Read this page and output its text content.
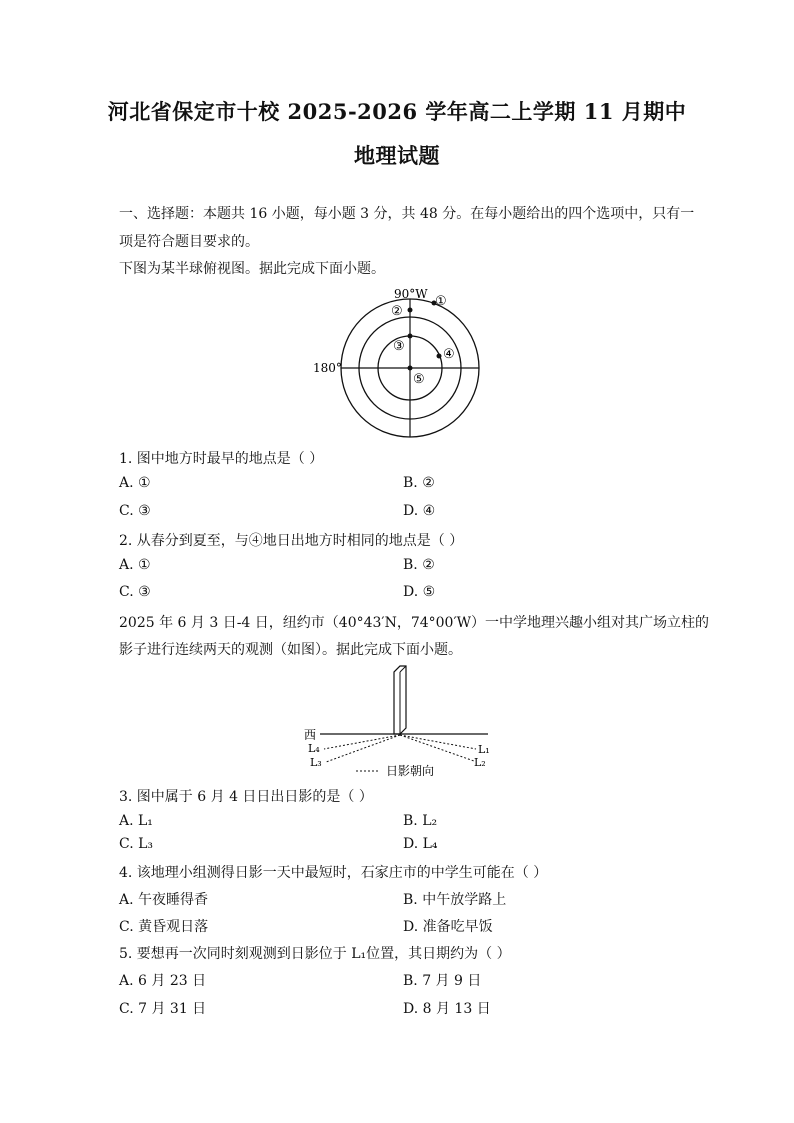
河北省保定市十校 2025-2026 学年高二上学期 11 月期中
地理试题
一、选择题：本题共 16 小题，每小题 3 分，共 48 分。在每小题给出的四个选项中，只有一
项是符合题目要求的。
下图为某半球俯视图。据此完成下面小题。
90°W
180°
①
②
③
④
⑤
1. 图中地方时最早的地点是（ ）
A. ①	B. ②
C. ③	D. ④
2. 从春分到夏至，与④地日出地方时相同的地点是（ ）
A. ①	B. ②
C. ③	D. ⑤
2025 年 6 月 3 日-4 日，纽约市（40°43′N，74°00′W）一中学地理兴趣小组对其广场立柱的
影子进行连续两天的观测（如图）。据此完成下面小题。
西
L₄
L₃
L₁
L₂
日影朝向
3. 图中属于 6 月 4 日日出日影的是（ ）
A. L₁	B. L₂
C. L₃	D. L₄
4. 该地理小组测得日影一天中最短时，石家庄市的中学生可能在（ ）
A. 午夜睡得香	B. 中午放学路上
C. 黄昏观日落	D. 准备吃早饭
5. 要想再一次同时刻观测到日影位于 L₁位置，其日期约为（ ）
A. 6 月 23 日	B. 7 月 9 日
C. 7 月 31 日	D. 8 月 13 日
